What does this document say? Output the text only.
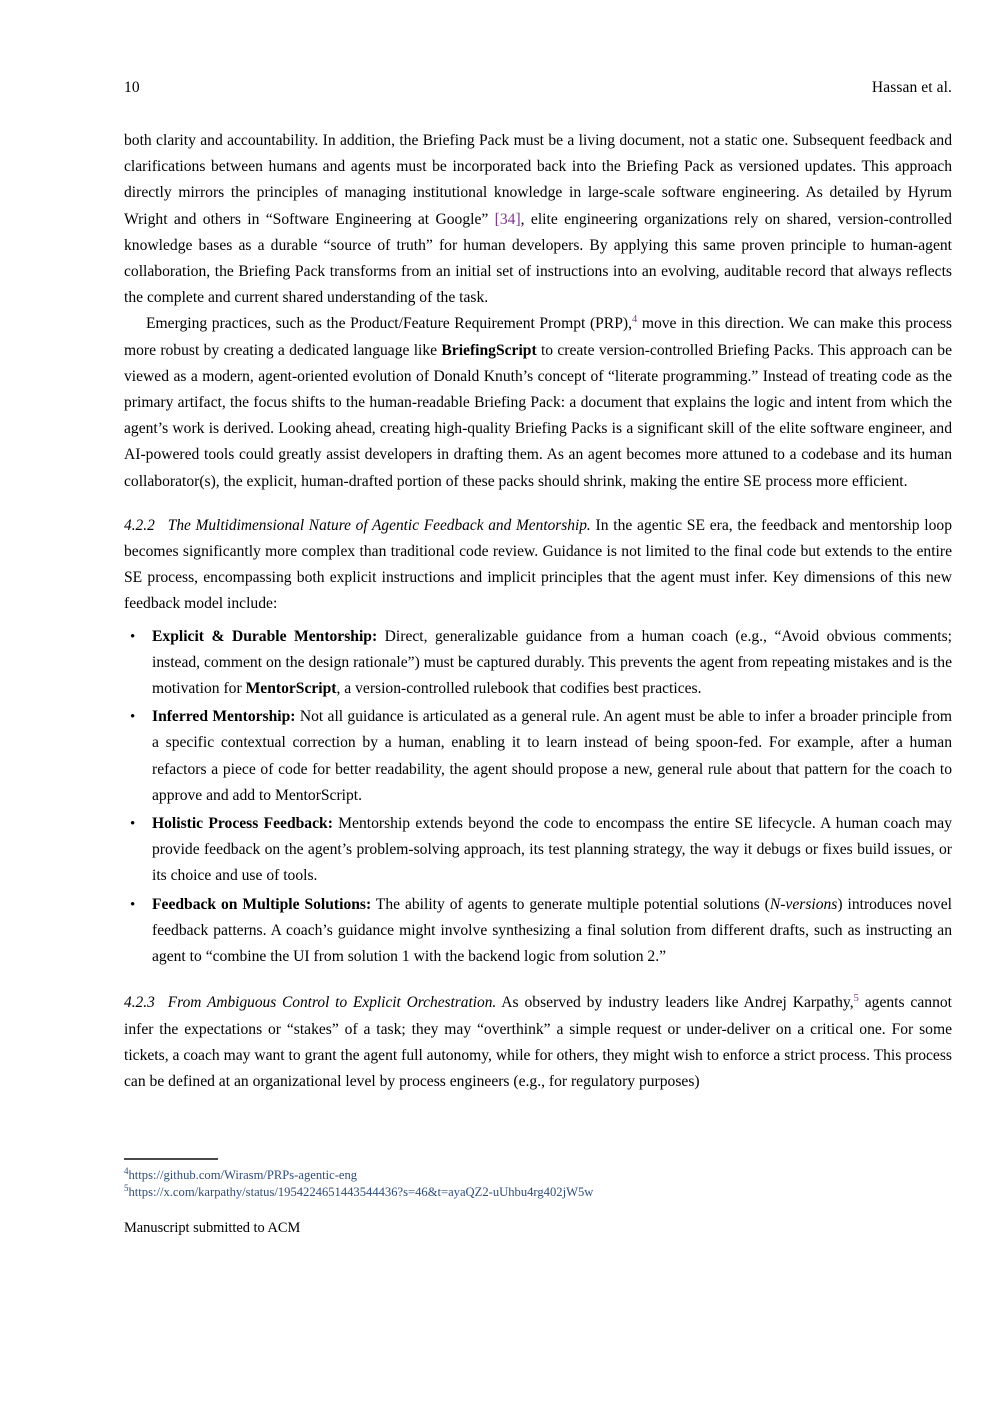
10	Hassan et al.

both clarity and accountability. In addition, the Briefing Pack must be a living document, not a static one. Subsequent feedback and clarifications between humans and agents must be incorporated back into the Briefing Pack as versioned updates. This approach directly mirrors the principles of managing institutional knowledge in large-scale software engineering. As detailed by Hyrum Wright and others in “Software Engineering at Google” [34], elite engineering organizations rely on shared, version-controlled knowledge bases as a durable “source of truth” for human developers. By applying this same proven principle to human-agent collaboration, the Briefing Pack transforms from an initial set of instructions into an evolving, auditable record that always reflects the complete and current shared understanding of the task.

Emerging practices, such as the Product/Feature Requirement Prompt (PRP),$^4$ move in this direction. We can make this process more robust by creating a dedicated language like BriefingScript to create version-controlled Briefing Packs. This approach can be viewed as a modern, agent-oriented evolution of Donald Knuth’s concept of “literate programming.” Instead of treating code as the primary artifact, the focus shifts to the human-readable Briefing Pack: a document that explains the logic and intent from which the agent’s work is derived. Looking ahead, creating high-quality Briefing Packs is a significant skill of the elite software engineer, and AI-powered tools could greatly assist developers in drafting them. As an agent becomes more attuned to a codebase and its human collaborator(s), the explicit, human-drafted portion of these packs should shrink, making the entire SE process more efficient.

4.2.2 The Multidimensional Nature of Agentic Feedback and Mentorship. In the agentic SE era, the feedback and mentorship loop becomes significantly more complex than traditional code review. Guidance is not limited to the final code but extends to the entire SE process, encompassing both explicit instructions and implicit principles that the agent must infer. Key dimensions of this new feedback model include:

• Explicit & Durable Mentorship: Direct, generalizable guidance from a human coach (e.g., “Avoid obvious comments; instead, comment on the design rationale”) must be captured durably. This prevents the agent from repeating mistakes and is the motivation for MentorScript, a version-controlled rulebook that codifies best practices.
• Inferred Mentorship: Not all guidance is articulated as a general rule. An agent must be able to infer a broader principle from a specific contextual correction by a human, enabling it to learn instead of being spoon-fed. For example, after a human refactors a piece of code for better readability, the agent should propose a new, general rule about that pattern for the coach to approve and add to MentorScript.
• Holistic Process Feedback: Mentorship extends beyond the code to encompass the entire SE lifecycle. A human coach may provide feedback on the agent’s problem-solving approach, its test planning strategy, the way it debugs or fixes build issues, or its choice and use of tools.
• Feedback on Multiple Solutions: The ability of agents to generate multiple potential solutions (N-versions) introduces novel feedback patterns. A coach’s guidance might involve synthesizing a final solution from different drafts, such as instructing an agent to “combine the UI from solution 1 with the backend logic from solution 2.”

4.2.3 From Ambiguous Control to Explicit Orchestration. As observed by industry leaders like Andrej Karpathy,$^5$ agents cannot infer the expectations or “stakes” of a task; they may “overthink” a simple request or under-deliver on a critical one. For some tickets, a coach may want to grant the agent full autonomy, while for others, they might wish to enforce a strict process. This process can be defined at an organizational level by process engineers (e.g., for regulatory purposes)

$^4$https://github.com/Wirasm/PRPs-agentic-eng

$^5$https://x.com/karpathy/status/1954224651443544436?s=46&t=ayaQZ2-uUhbu4rg402jW5w

Manuscript submitted to ACM
